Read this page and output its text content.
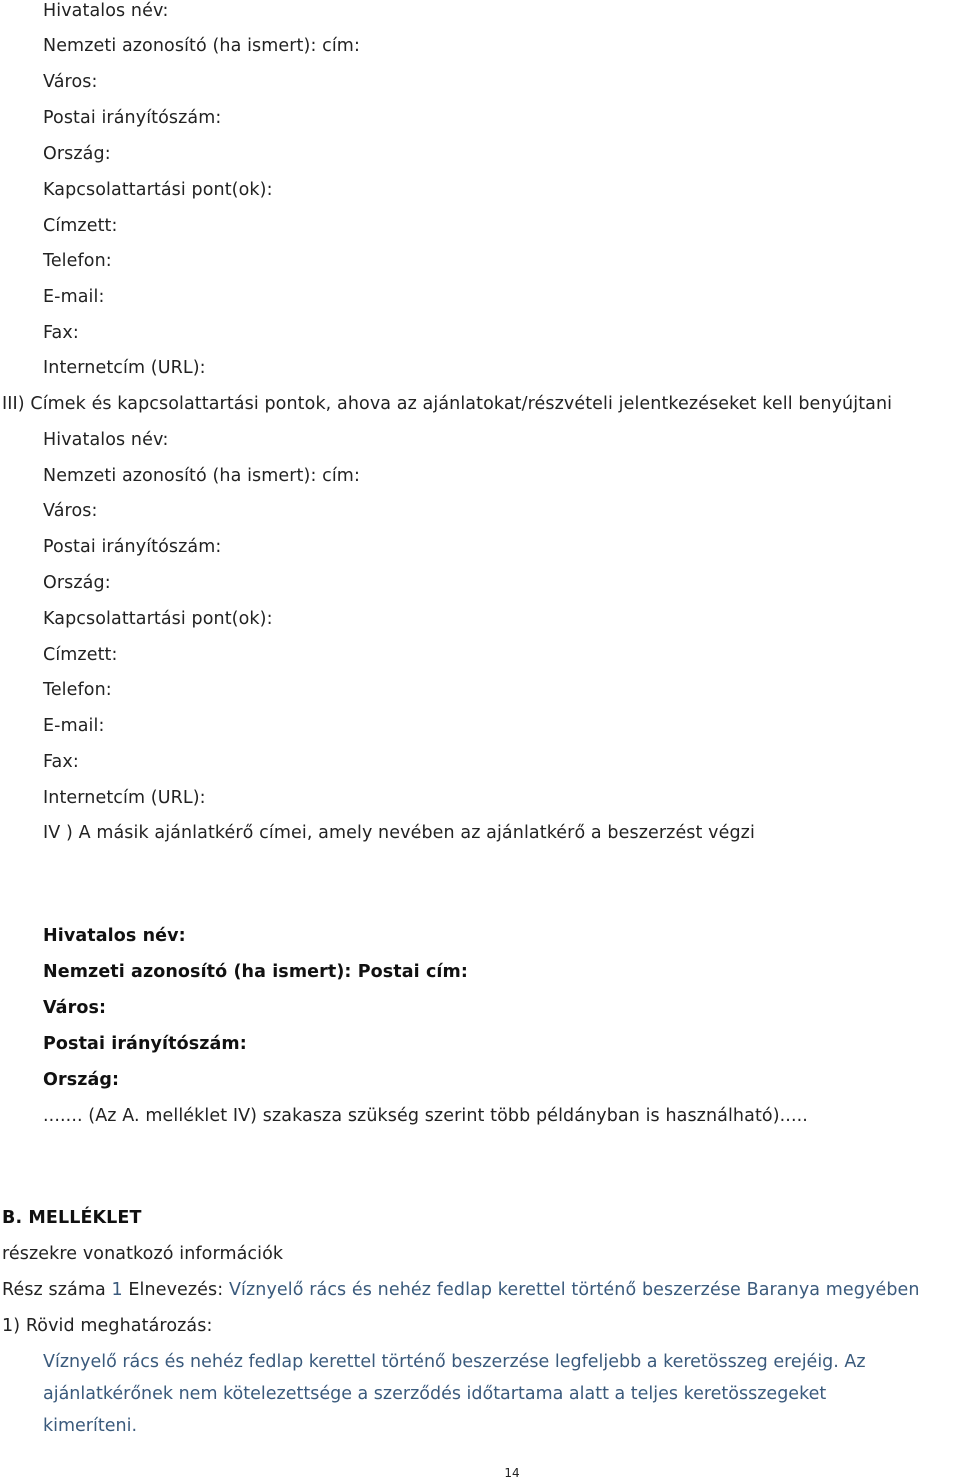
Hivatalos név:
Nemzeti azonosító (ha ismert): cím:
Város:
Postai irányítószám:
Ország:
Kapcsolattartási pont(ok):
Címzett:
Telefon:
E-mail:
Fax:
Internetcím (URL):
III) Címek és kapcsolattartási pontok, ahova az ajánlatokat/részvételi jelentkezéseket kell benyújtani
Hivatalos név:
Nemzeti azonosító (ha ismert): cím:
Város:
Postai irányítószám:
Ország:
Kapcsolattartási pont(ok):
Címzett:
Telefon:
E-mail:
Fax:
Internetcím (URL):
IV ) A másik ajánlatkérő címei, amely nevében az ajánlatkérő a beszerzést végzi
Hivatalos név:
Nemzeti azonosító (ha ismert): Postai cím:
Város:
Postai irányítószám:
Ország:
....... (Az A. melléklet IV) szakasza szükség szerint több példányban is használható).....
B. MELLÉKLET
részekre vonatkozó információk
Rész száma 1 Elnevezés: Víznyelő rács és nehéz fedlap kerettel történő beszerzése Baranya megyében
1) Rövid meghatározás:
Víznyelő rács és nehéz fedlap kerettel történő beszerzése legfeljebb a keretösszeg erejéig. Az ajánlatkérőnek nem kötelezettsége a szerződés időtartama alatt a teljes keretösszegeket kimeríteni.
14
